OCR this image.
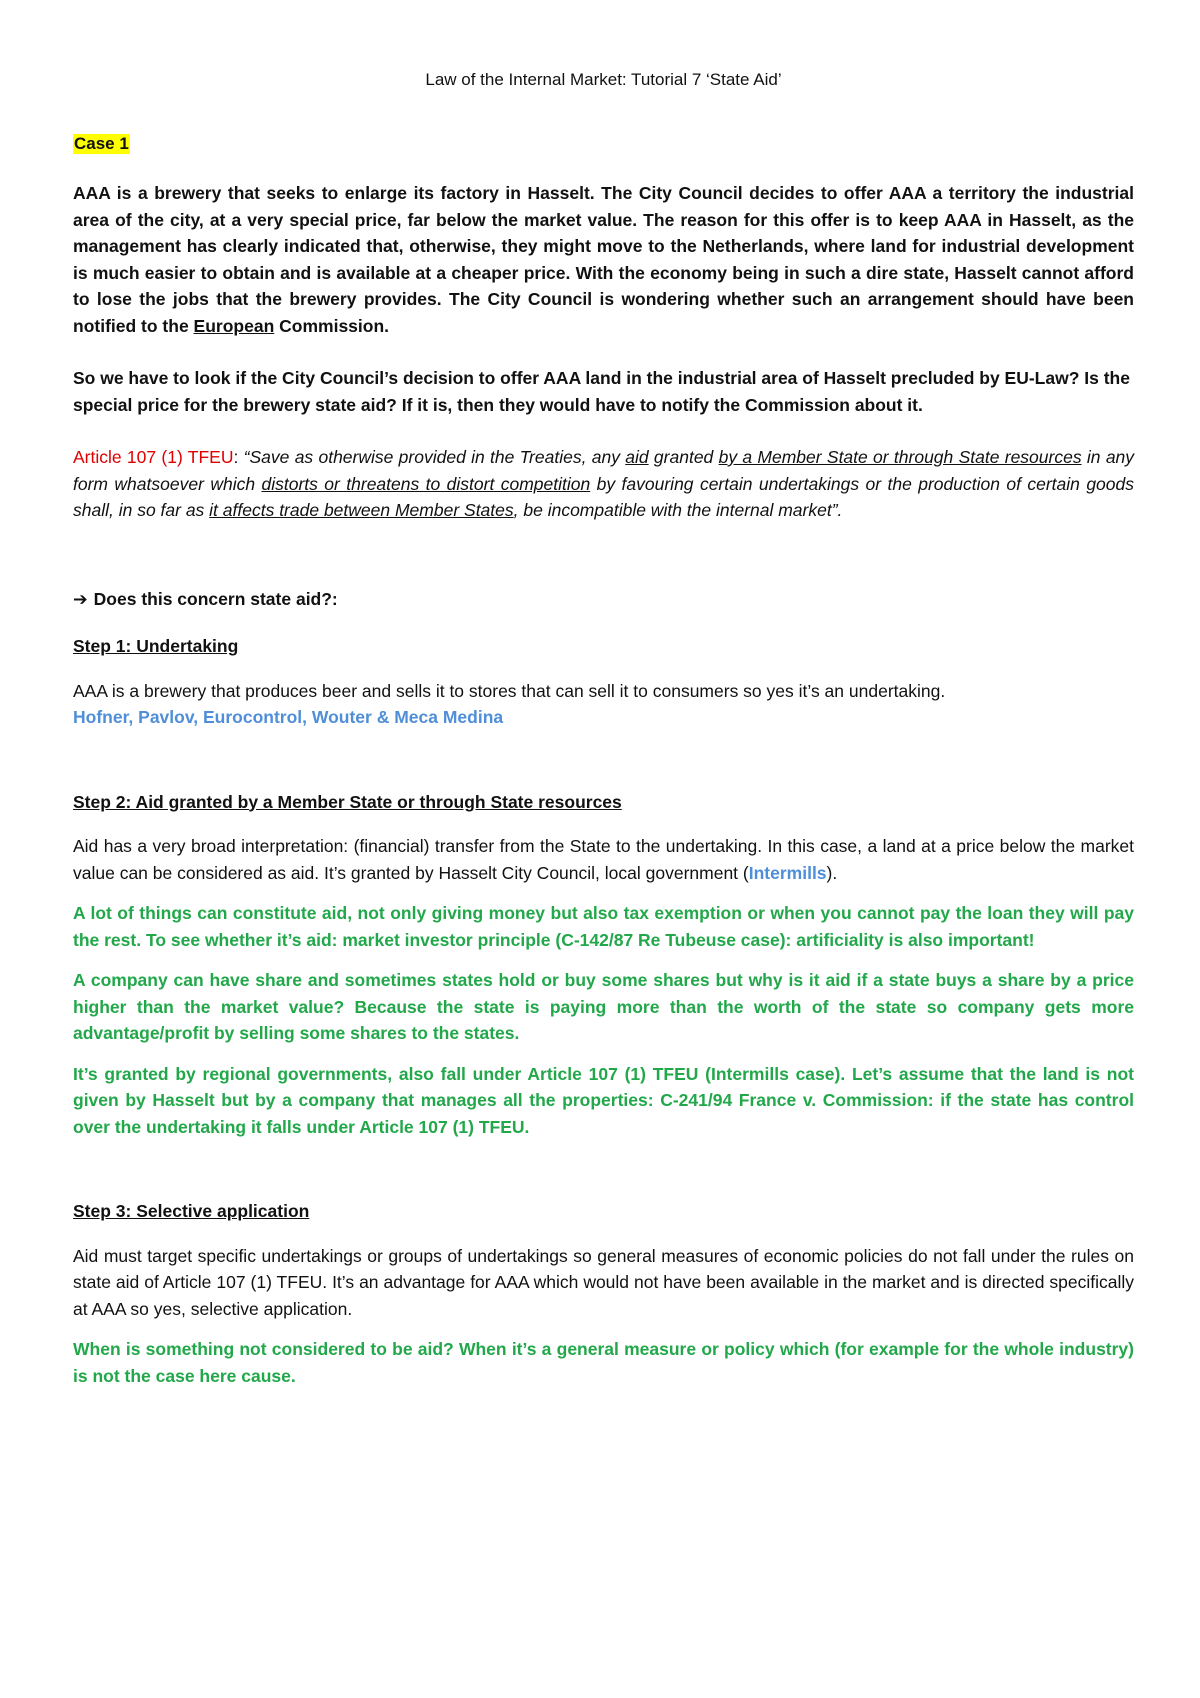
Law of the Internal Market: Tutorial 7 ‘State Aid’
Case 1

AAA is a brewery that seeks to enlarge its factory in Hasselt. The City Council decides to offer AAA a territory the industrial area of the city, at a very special price, far below the market value. The reason for this offer is to keep AAA in Hasselt, as the management has clearly indicated that, otherwise, they might move to the Netherlands, where land for industrial development is much easier to obtain and is available at a cheaper price. With the economy being in such a dire state, Hasselt cannot afford to lose the jobs that the brewery provides. The City Council is wondering whether such an arrangement should have been notified to the European Commission.

So we have to look if the City Council’s decision to offer AAA land in the industrial area of Hasselt precluded by EU-Law? Is the special price for the brewery state aid? If it is, then they would have to notify the Commission about it.

Article 107 (1) TFEU: “Save as otherwise provided in the Treaties, any aid granted by a Member State or through State resources in any form whatsoever which distorts or threatens to distort competition by favouring certain undertakings or the production of certain goods shall, in so far as it affects trade between Member States, be incompatible with the internal market”.

➔ Does this concern state aid?:

Step 1: Undertaking

AAA is a brewery that produces beer and sells it to stores that can sell it to consumers so yes it’s an undertaking.

Hofner, Pavlov, Eurocontrol, Wouter & Meca Medina

Step 2: Aid granted by a Member State or through State resources

Aid has a very broad interpretation: (financial) transfer from the State to the undertaking. In this case, a land at a price below the market value can be considered as aid. It’s granted by Hasselt City Council, local government (Intermills).

A lot of things can constitute aid, not only giving money but also tax exemption or when you cannot pay the loan they will pay the rest. To see whether it’s aid: market investor principle (C-142/87 Re Tubeuse case): artificiality is also important!

A company can have share and sometimes states hold or buy some shares but why is it aid if a state buys a share by a price higher than the market value? Because the state is paying more than the worth of the state so company gets more advantage/profit by selling some shares to the states.

It’s granted by regional governments, also fall under Article 107 (1) TFEU (Intermills case). Let’s assume that the land is not given by Hasselt but by a company that manages all the properties: C-241/94 France v. Commission: if the state has control over the undertaking it falls under Article 107 (1) TFEU.

Step 3: Selective application

Aid must target specific undertakings or groups of undertakings so general measures of economic policies do not fall under the rules on state aid of Article 107 (1) TFEU. It’s an advantage for AAA which would not have been available in the market and is directed specifically at AAA so yes, selective application.

When is something not considered to be aid? When it’s a general measure or policy which (for example for the whole industry) is not the case here cause.
